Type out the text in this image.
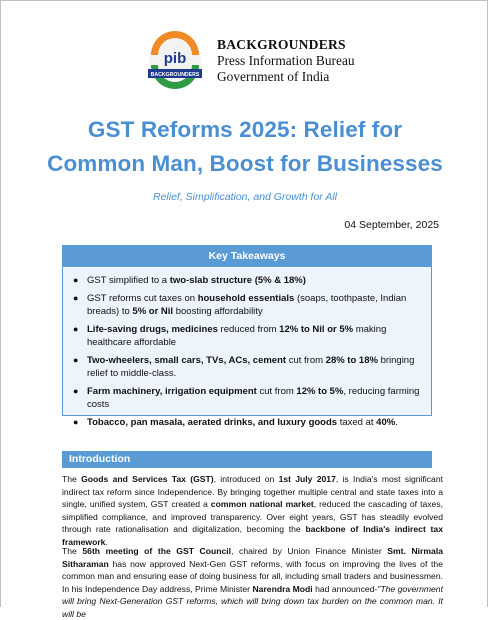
pib
BACKGROUNDERS
BACKGROUNDERS
Press Information Bureau
Government of India
GST Reforms 2025: Relief for
Common Man, Boost for Businesses
Relief, Simplification, and Growth for All
04 September, 2025
Key Takeaways
● GST simplified to a two-slab structure (5% & 18%)
● GST reforms cut taxes on household essentials (soaps, toothpaste, Indian breads) to 5% or Nil boosting affordability
● Life-saving drugs, medicines reduced from 12% to Nil or 5% making healthcare affordable
● Two-wheelers, small cars, TVs, ACs, cement cut from 28% to 18% bringing relief to middle-class.
● Farm machinery, irrigation equipment cut from 12% to 5%, reducing farming costs
● Tobacco, pan masala, aerated drinks, and luxury goods taxed at 40%.
Introduction

The Goods and Services Tax (GST), introduced on 1st July 2017, is India's most significant indirect tax reform since Independence. By bringing together multiple central and state taxes into a single, unified system, GST created a common national market, reduced the cascading of taxes, simplified compliance, and improved transparency. Over eight years, GST has steadily evolved through rate rationalisation and digitalization, becoming the backbone of India's indirect tax framework.

The 56th meeting of the GST Council, chaired by Union Finance Minister Smt. Nirmala Sitharaman has now approved Next-Gen GST reforms, with focus on improving the lives of the common man and ensuring ease of doing business for all, including small traders and businessmen. In his Independence Day address, Prime Minister Narendra Modi had announced-"The government will bring Next-Generation GST reforms, which will bring down tax burden on the common man. It will be
